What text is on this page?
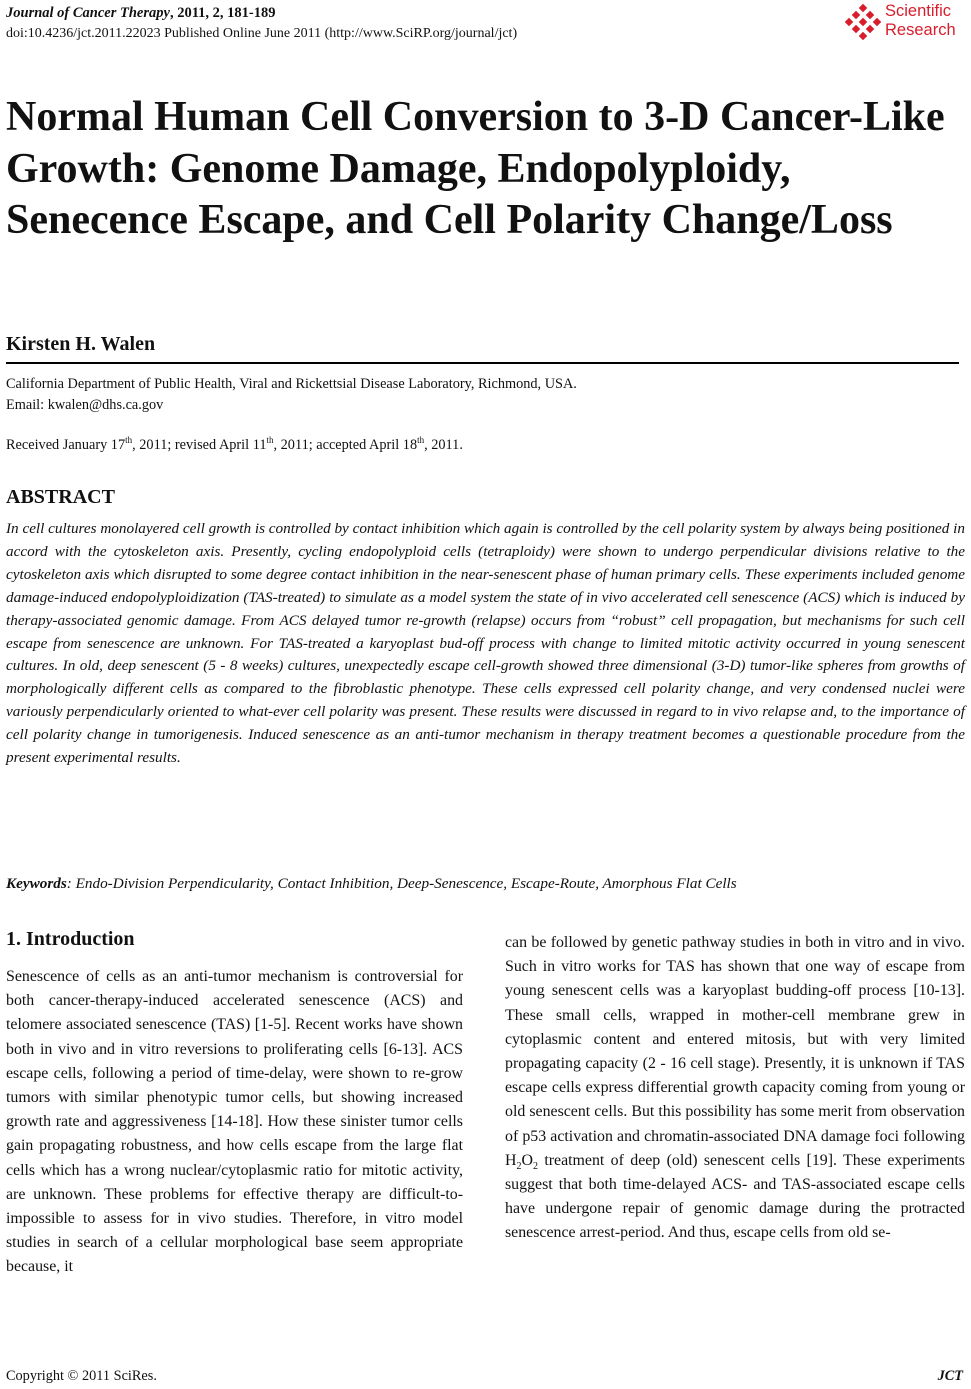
Journal of Cancer Therapy, 2011, 2, 181-189
doi:10.4236/jct.2011.22023 Published Online June 2011 (http://www.SciRP.org/journal/jct)
Scientific
Research
Normal Human Cell Conversion to 3-D Cancer-Like Growth: Genome Damage, Endopolyploidy, Senecence Escape, and Cell Polarity Change/Loss
Kirsten H. Walen
California Department of Public Health, Viral and Rickettsial Disease Laboratory, Richmond, USA.
Email: kwalen@dhs.ca.gov
Received January 17th, 2011; revised April 11th, 2011; accepted April 18th, 2011.
ABSTRACT

In cell cultures monolayered cell growth is controlled by contact inhibition which again is controlled by the cell polarity system by always being positioned in accord with the cytoskeleton axis. Presently, cycling endopolyploid cells (tetraploidy) were shown to undergo perpendicular divisions relative to the cytoskeleton axis which disrupted to some degree contact inhibition in the near-senescent phase of human primary cells. These experiments included genome damage-induced endopolyploidization (TAS-treated) to simulate as a model system the state of in vivo accelerated cell senescence (ACS) which is induced by therapy-associated genomic damage. From ACS delayed tumor re-growth (relapse) occurs from “robust” cell propagation, but mechanisms for such cell escape from senescence are unknown. For TAS-treated a karyoplast bud-off process with change to limited mitotic activity occurred in young senescent cultures. In old, deep senescent (5 - 8 weeks) cultures, unexpectedly escape cell-growth showed three dimensional (3-D) tumor-like spheres from growths of morphologically different cells as compared to the fibroblastic phenotype. These cells expressed cell polarity change, and very condensed nuclei were variously perpendicularly oriented to what-ever cell polarity was present. These results were discussed in regard to in vivo relapse and, to the importance of cell polarity change in tumorigenesis. Induced senescence as an anti-tumor mechanism in therapy treatment becomes a questionable procedure from the present experimental results.

Keywords: Endo-Division Perpendicularity, Contact Inhibition, Deep-Senescence, Escape-Route, Amorphous Flat Cells
1. Introduction

Senescence of cells as an anti-tumor mechanism is controversial for both cancer-therapy-induced accelerated senescence (ACS) and telomere associated senescence (TAS) [1-5]. Recent works have shown both in vivo and in vitro reversions to proliferating cells [6-13]. ACS escape cells, following a period of time-delay, were shown to re-grow tumors with similar phenotypic tumor cells, but showing increased growth rate and aggressiveness [14-18]. How these sinister tumor cells gain propagating robustness, and how cells escape from the large flat cells which has a wrong nuclear/cytoplasmic ratio for mitotic activity, are unknown. These problems for effective therapy are difficult-to-impossible to assess for in vivo studies. Therefore, in vitro model studies in search of a cellular morphological base seem appropriate because, it

can be followed by genetic pathway studies in both in vitro and in vivo. Such in vitro works for TAS has shown that one way of escape from young senescent cells was a karyoplast budding-off process [10-13]. These small cells, wrapped in mother-cell membrane grew in cytoplasmic content and entered mitosis, but with very limited propagating capacity (2 - 16 cell stage). Presently, it is unknown if TAS escape cells express differential growth capacity coming from young or old senescent cells. But this possibility has some merit from observation of p53 activation and chromatin-associated DNA damage foci following $H_2O_2$ treatment of deep (old) senescent cells [19]. These experiments suggest that both time-delayed ACS- and TAS-associated escape cells have undergone repair of genomic damage during the protracted senescence arrest-period. And thus, escape cells from old se-

Copyright © 2011 SciRes.	JCT
